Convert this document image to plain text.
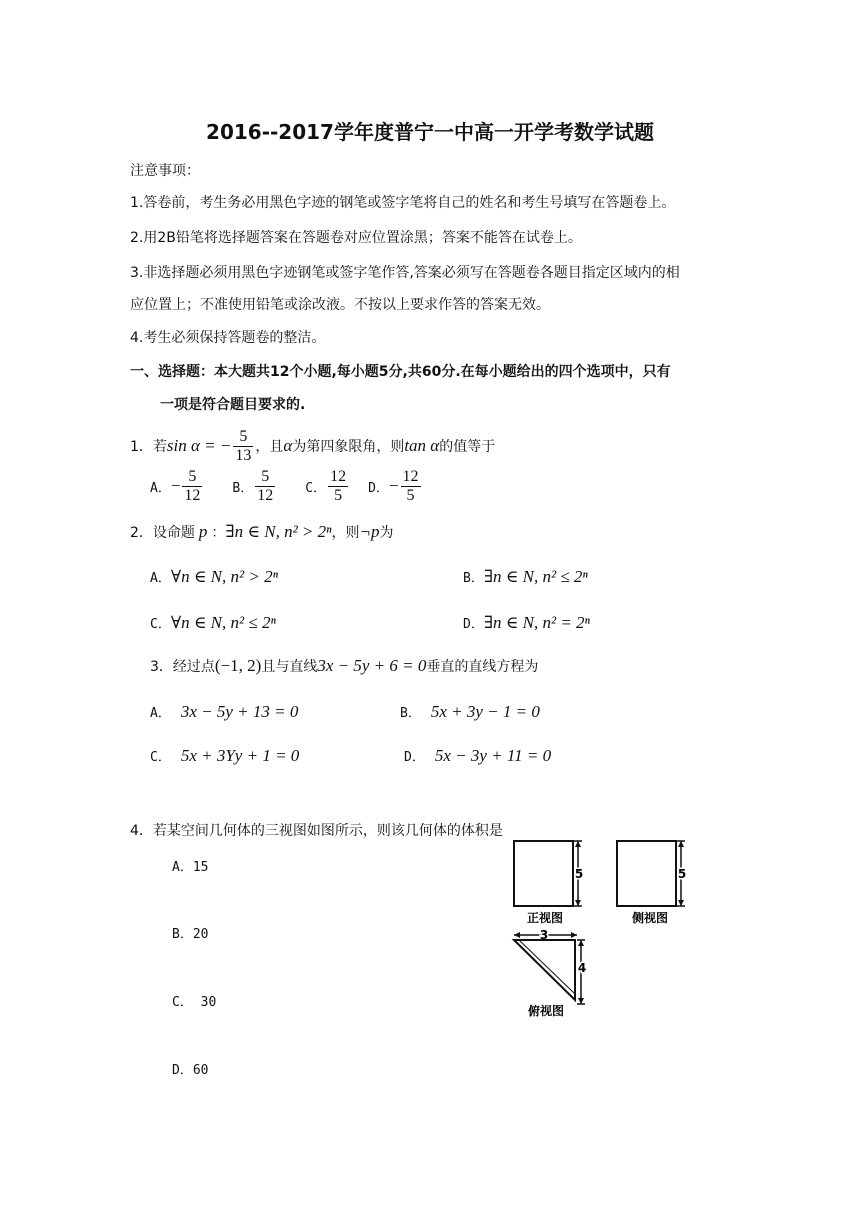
2016--2017学年度普宁一中高一开学考数学试题
注意事项：
1.答卷前，考生务必用黑色字迹的钢笔或签字笔将自己的姓名和考生号填写在答题卷上。
2.用2B铅笔将选择题答案在答题卷对应位置涂黑；答案不能答在试卷上。
3.非选择题必须用黑色字迹钢笔或签字笔作答,答案必须写在答题卷各题目指定区域内的相
应位置上；不准使用铅笔或涂改液。不按以上要求作答的答案无效。
4.考生必须保持答题卷的整洁。
一、选择题：本大题共12个小题,每小题5分,共60分.在每小题给出的四个选项中，只有
一项是符合题目要求的.
1．若 sin α = − $\frac{5}{13}$ ，且 α 为第四象限角，则 tan α 的值等于
A． − $\frac{5}{12}$ B． $\frac{5}{12}$ C． $\frac{12}{5}$ D． − $\frac{12}{5}$
2．设命题 p ： ∃n ∈ N, n² > 2ⁿ ，则 ¬p 为
A． ∀n ∈ N, n² > 2ⁿ	B． ∃n ∈ N, n² ≤ 2ⁿ
C． ∀n ∈ N, n² ≤ 2ⁿ	D． ∃n ∈ N, n² = 2ⁿ
3．经过点 (−1, 2) 且与直线 3x − 5y + 6 = 0 垂直的直线方程为
A． 3x − 5y + 13 = 0	B． 5x + 3y − 1 = 0
C． 5x + 3Yy + 1 = 0	D． 5x − 3y + 11 = 0
4．若某空间几何体的三视图如图所示，则该几何体的体积是
A．15
B．20
C． 30
D．60
5
正视图
5
侧视图
3
4
俯视图
